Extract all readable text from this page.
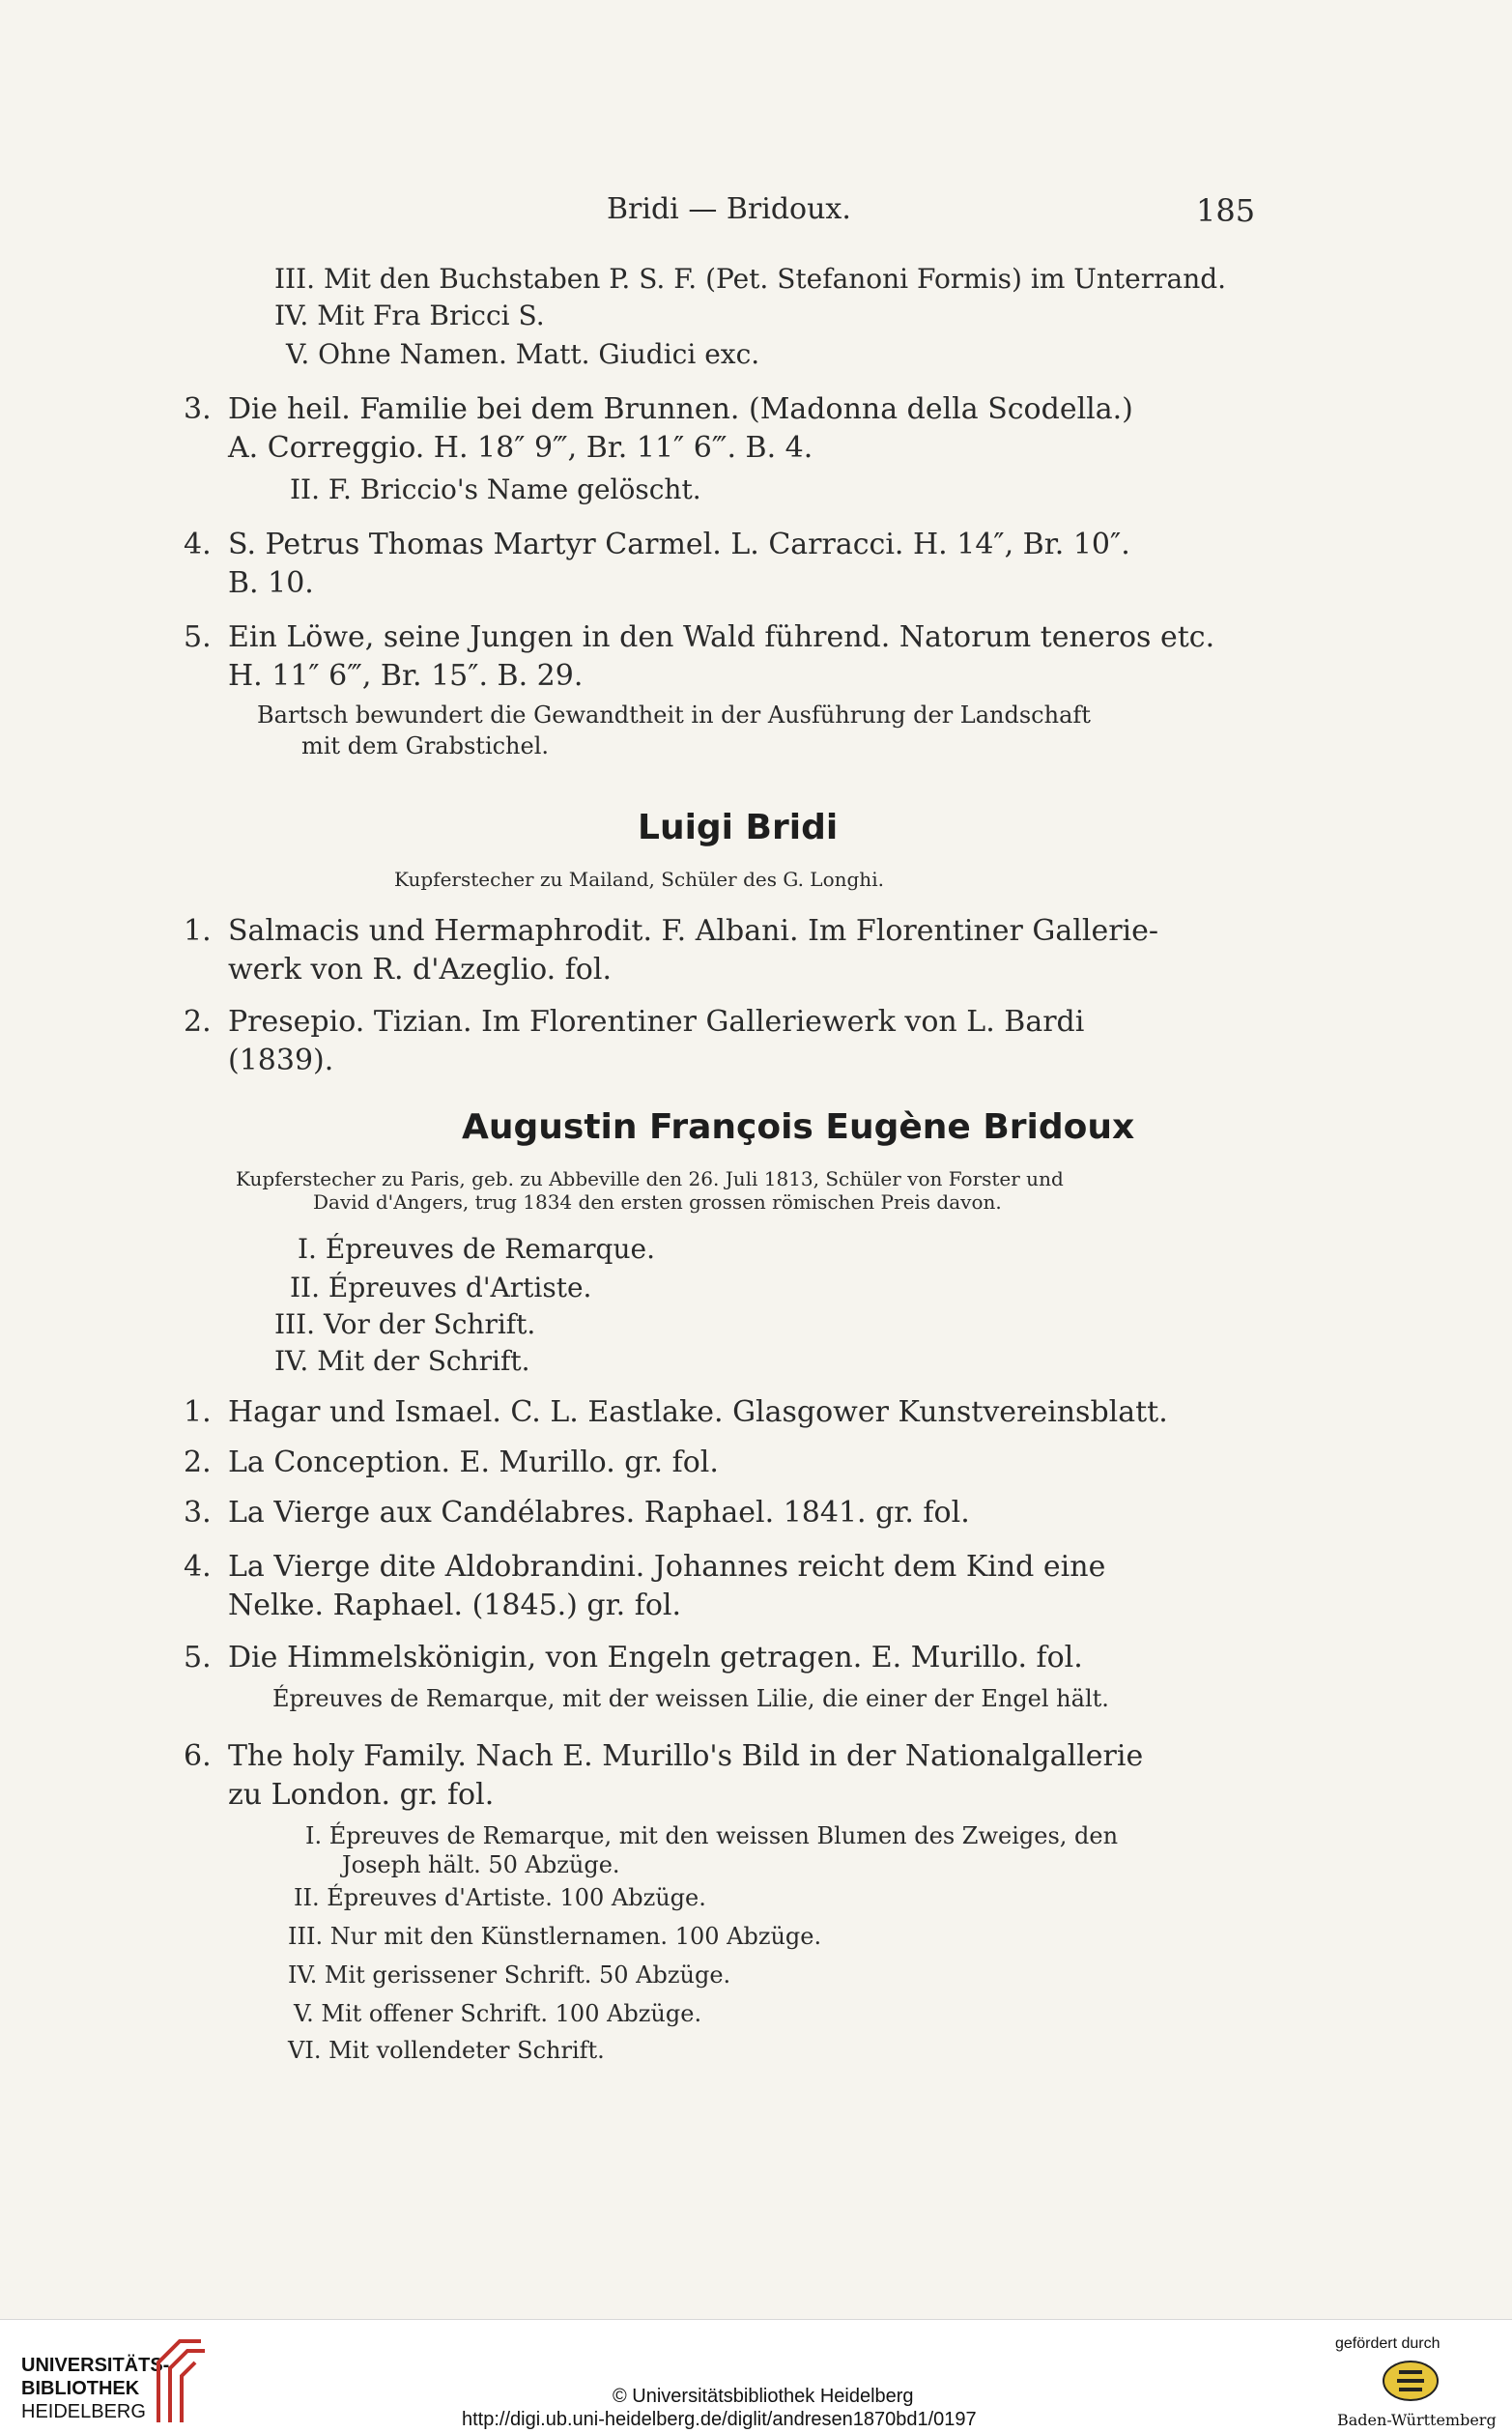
Bridi — Bridoux.	185
III. Mit den Buchstaben P. S. F. (Pet. Stefanoni Formis) im Unterrand.
IV. Mit Fra Bricci S.
V. Ohne Namen. Matt. Giudici exc.
3. Die heil. Familie bei dem Brunnen. (Madonna della Scodella.)
A. Correggio. H. 18″ 9‴, Br. 11″ 6‴. B. 4.
II. F. Briccio's Name gelöscht.
4. S. Petrus Thomas Martyr Carmel. L. Carracci. H. 14″, Br. 10″.
B. 10.
5. Ein Löwe, seine Jungen in den Wald führend. Natorum teneros etc.
H. 11″ 6‴, Br. 15″. B. 29.
Bartsch bewundert die Gewandtheit in der Ausführung der Landschaft
mit dem Grabstichel.
Luigi Bridi
Kupferstecher zu Mailand, Schüler des G. Longhi.
1. Salmacis und Hermaphrodit. F. Albani. Im Florentiner Gallerie-
werk von R. d'Azeglio. fol.
2. Presepio. Tizian. Im Florentiner Galleriewerk von L. Bardi
(1839).
Augustin François Eugène Bridoux
Kupferstecher zu Paris, geb. zu Abbeville den 26. Juli 1813, Schüler von Forster und
David d'Angers, trug 1834 den ersten grossen römischen Preis davon.
I. Épreuves de Remarque.
II. Épreuves d'Artiste.
III. Vor der Schrift.
IV. Mit der Schrift.
1. Hagar und Ismael. C. L. Eastlake. Glasgower Kunstvereinsblatt.
2. La Conception. E. Murillo. gr. fol.
3. La Vierge aux Candélabres. Raphael. 1841. gr. fol.
4. La Vierge dite Aldobrandini. Johannes reicht dem Kind eine
Nelke. Raphael. (1845.) gr. fol.
5. Die Himmelskönigin, von Engeln getragen. E. Murillo. fol.
Épreuves de Remarque, mit der weissen Lilie, die einer der Engel hält.
6. The holy Family. Nach E. Murillo's Bild in der Nationalgallerie
zu London. gr. fol.
I. Épreuves de Remarque, mit den weissen Blumen des Zweiges, den
Joseph hält. 50 Abzüge.
II. Épreuves d'Artiste. 100 Abzüge.
III. Nur mit den Künstlernamen. 100 Abzüge.
IV. Mit gerissener Schrift. 50 Abzüge.
V. Mit offener Schrift. 100 Abzüge.
VI. Mit vollendeter Schrift.
UNIVERSITÄTS-
BIBLIOTHEK
HEIDELBERG
© Universitätsbibliothek Heidelberg
http://digi.ub.uni-heidelberg.de/diglit/andresen1870bd1/0197
gefördert durch
Baden-Württemberg
